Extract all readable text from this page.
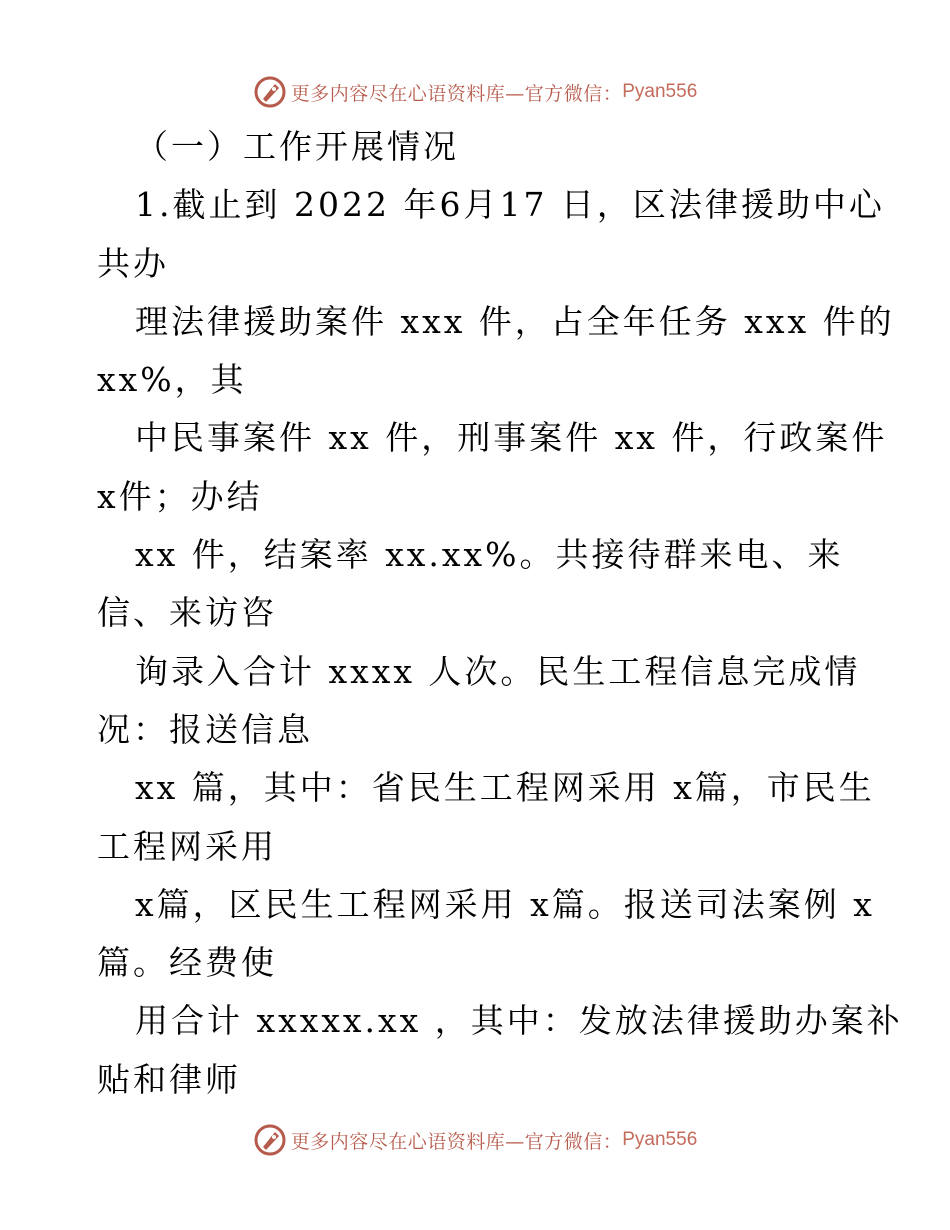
更多内容尽在心语资料库—官方微信： Pyan556
（一）工作开展情况
1.截止到 2022 年6月17 日，区法律援助中心
共办
理法律援助案件 xxx 件，占全年任务 xxx 件的
xx%，其
中民事案件 xx 件，刑事案件 xx 件，行政案件
x件；办结
xx 件，结案率 xx.xx%。共接待群来电、来
信、来访咨
询录入合计 xxxx 人次。民生工程信息完成情
况：报送信息
xx 篇，其中：省民生工程网采用 x篇，市民生
工程网采用
x篇，区民生工程网采用 x篇。报送司法案例 x
篇。经费使
用合计 xxxxx.xx ，其中：发放法律援助办案补
贴和律师
更多内容尽在心语资料库—官方微信： Pyan556
